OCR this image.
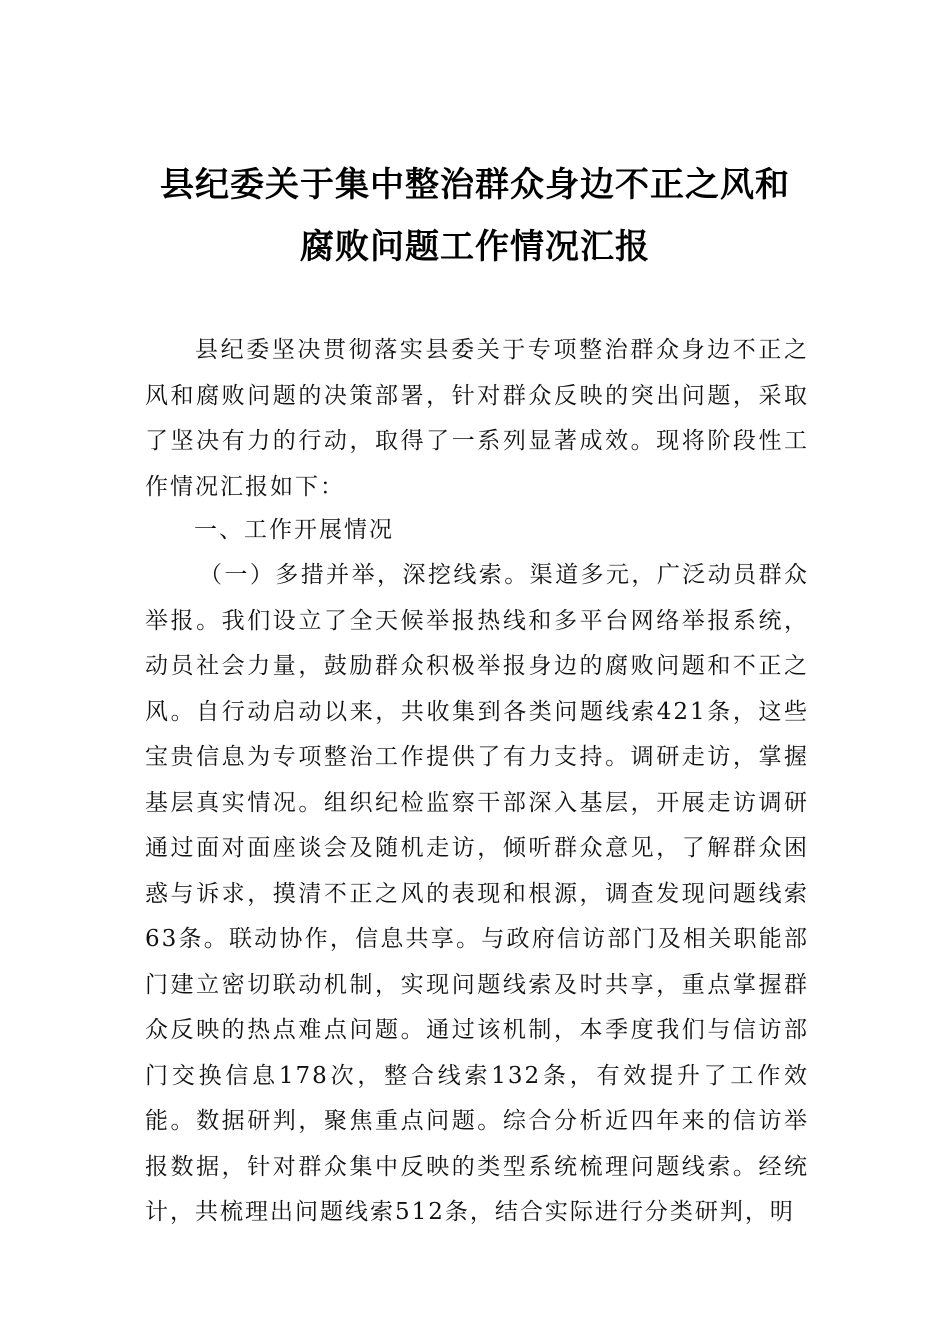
县纪委关于集中整治群众身边不正之风和
腐败问题工作情况汇报
县纪委坚决贯彻落实县委关于专项整治群众身边不正之风和腐败问题的决策部署，针对群众反映的突出问题，采取了坚决有力的行动，取得了一系列显著成效。现将阶段性工作情况汇报如下：
一、工作开展情况
（一）多措并举，深挖线索。渠道多元，广泛动员群众举报。我们设立了全天候举报热线和多平台网络举报系统，动员社会力量，鼓励群众积极举报身边的腐败问题和不正之风。自行动启动以来，共收集到各类问题线索421条，这些宝贵信息为专项整治工作提供了有力支持。调研走访，掌握基层真实情况。组织纪检监察干部深入基层，开展走访调研通过面对面座谈会及随机走访，倾听群众意见，了解群众困惑与诉求，摸清不正之风的表现和根源，调查发现问题线索63条。联动协作，信息共享。与政府信访部门及相关职能部门建立密切联动机制，实现问题线索及时共享，重点掌握群众反映的热点难点问题。通过该机制，本季度我们与信访部门交换信息178次，整合线索132条，有效提升了工作效能。数据研判，聚焦重点问题。综合分析近四年来的信访举报数据，针对群众集中反映的类型系统梳理问题线索。经统计，共梳理出问题线索512条，结合实际进行分类研判，明
